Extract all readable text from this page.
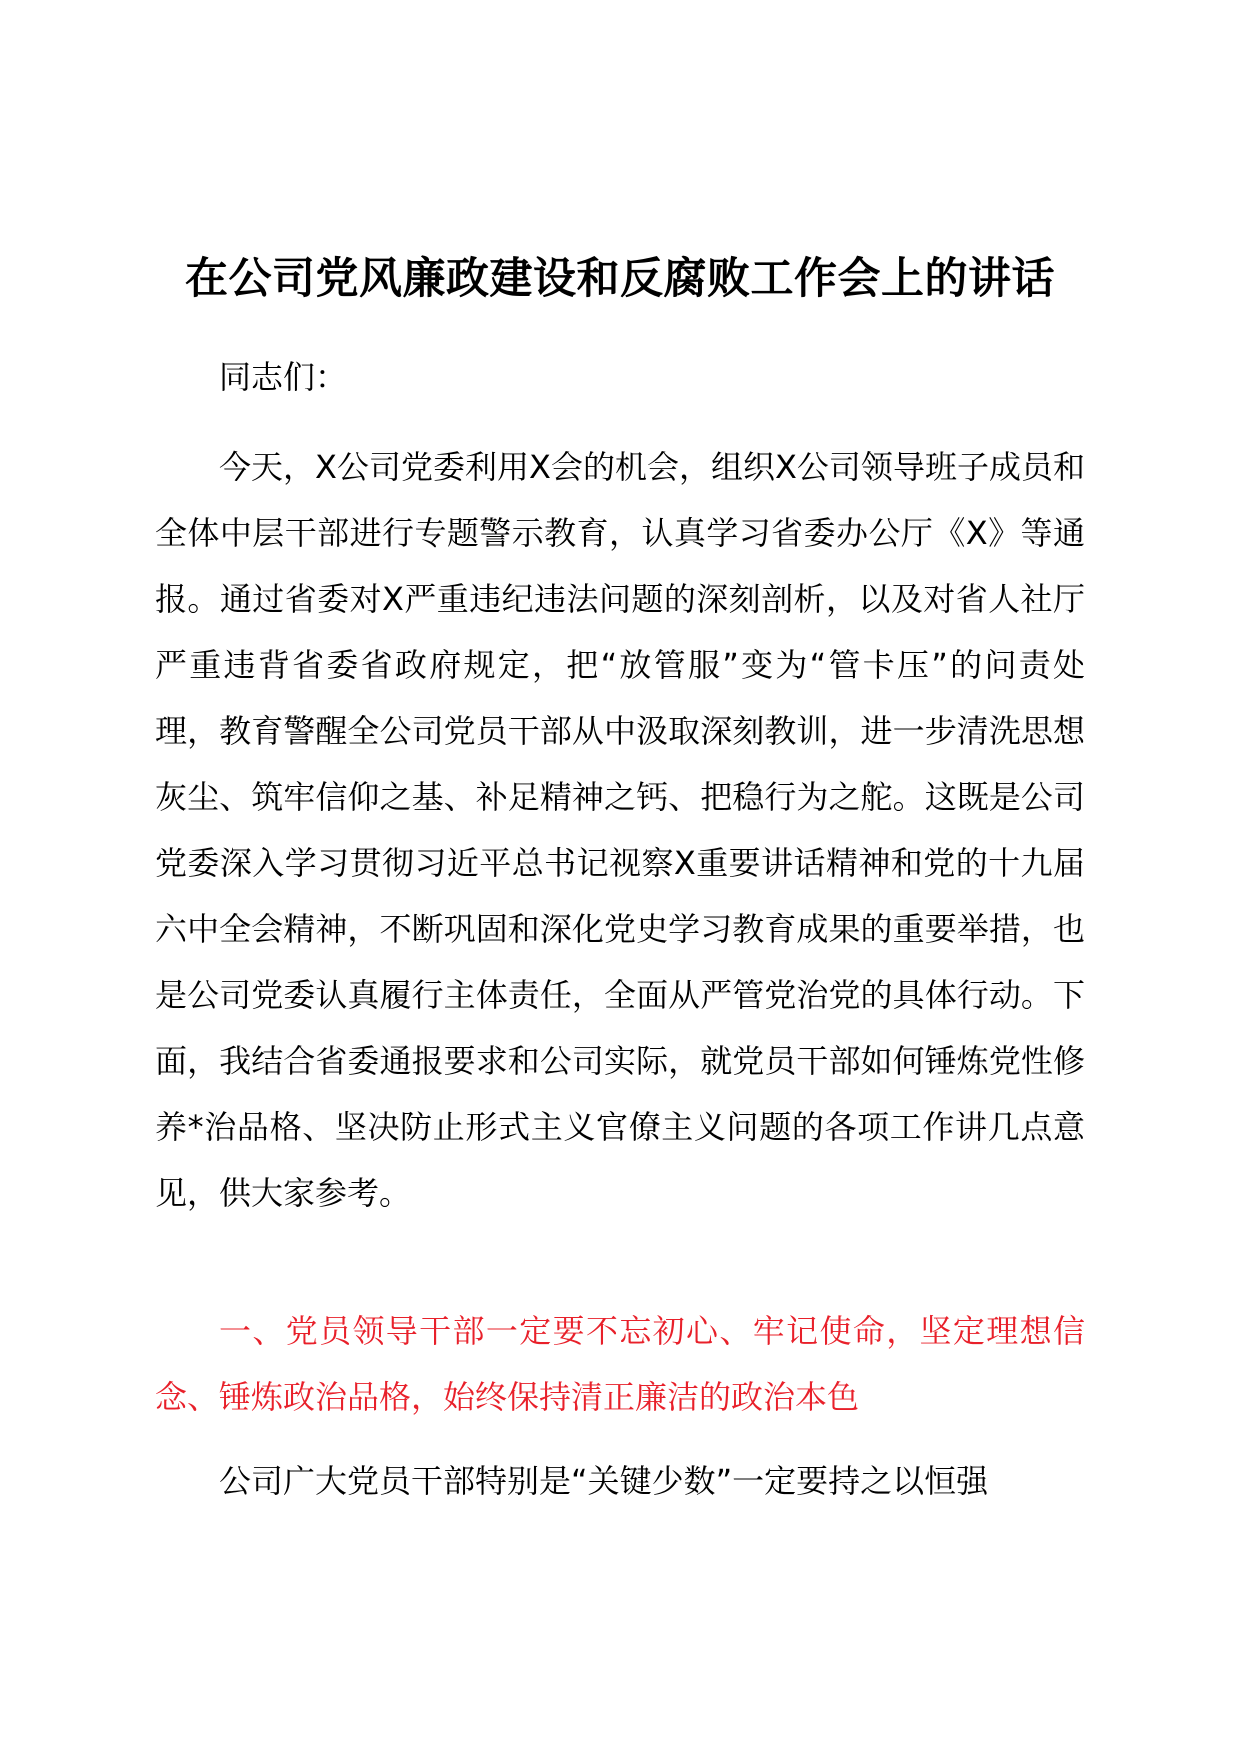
在公司党风廉政建设和反腐败工作会上的讲话
同志们：

今天，X公司党委利用X会的机会，组织X公司领导班子成员和全体中层干部进行专题警示教育，认真学习省委办公厅《X》等通报。通过省委对X严重违纪违法问题的深刻剖析，以及对省人社厅严重违背省委省政府规定，把“放管服”变为“管卡压”的问责处理，教育警醒全公司党员干部从中汲取深刻教训，进一步清洗思想灰尘、筑牢信仰之基、补足精神之钙、把稳行为之舵。这既是公司党委深入学习贯彻习近平总书记视察X重要讲话精神和党的十九届六中全会精神，不断巩固和深化党史学习教育成果的重要举措，也是公司党委认真履行主体责任，全面从严管党治党的具体行动。下面，我结合省委通报要求和公司实际，就党员干部如何锤炼党性修养*治品格、坚决防止形式主义官僚主义问题的各项工作讲几点意见，供大家参考。

一、党员领导干部一定要不忘初心、牢记使命，坚定理想信念、锤炼政治品格，始终保持清正廉洁的政治本色

公司广大党员干部特别是“关键少数”一定要持之以恒强
